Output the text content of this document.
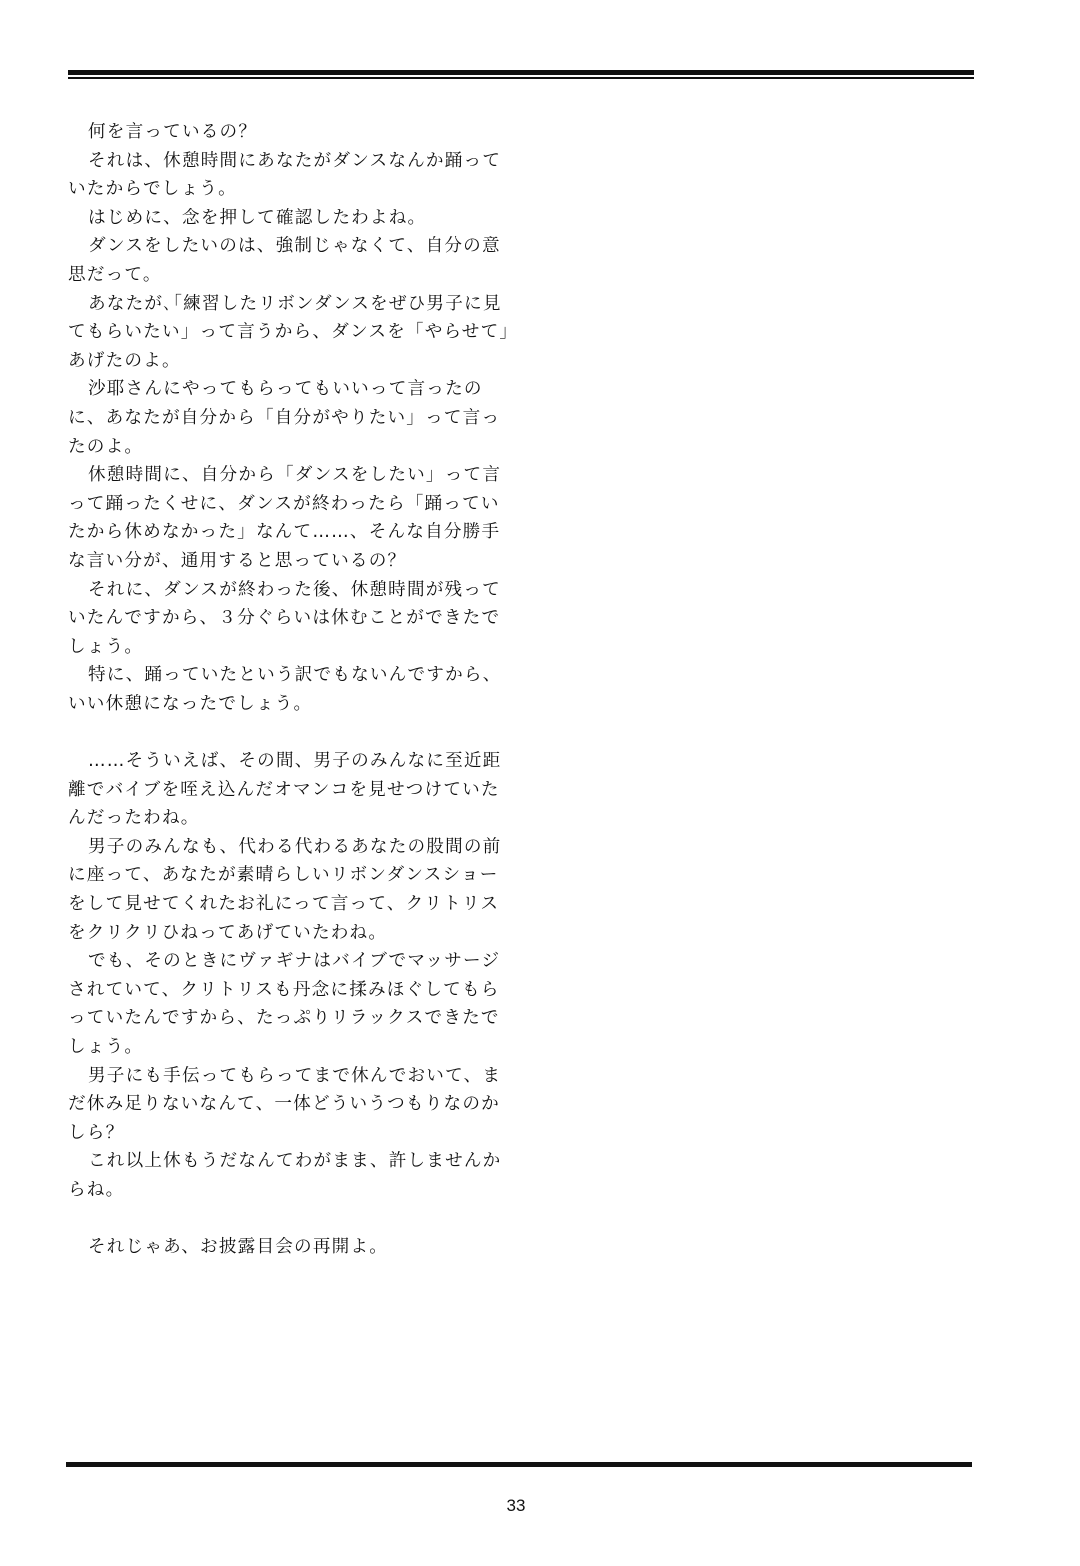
何を言っているの？
それは、休憩時間にあなたがダンスなんか踊って
いたからでしょう。
はじめに、念を押して確認したわよね。
ダンスをしたいのは、強制じゃなくて、自分の意
思だって。
あなたが､｢練習したリボンダンスをぜひ男子に見
てもらいたい」って言うから、ダンスを「やらせて」
あげたのよ。
沙耶さんにやってもらってもいいって言ったの
に、あなたが自分から「自分がやりたい」って言っ
たのよ。
休憩時間に、自分から「ダンスをしたい」って言
って踊ったくせに、ダンスが終わったら「踊ってい
たから休めなかった」なんて……、そんな自分勝手
な言い分が、通用すると思っているの？
それに、ダンスが終わった後、休憩時間が残って
いたんですから、３分ぐらいは休むことができたで
しょう。
特に、踊っていたという訳でもないんですから、
いい休憩になったでしょう。
……そういえば、その間、男子のみんなに至近距
離でバイブを咥え込んだオマンコを見せつけていた
んだったわね。
男子のみんなも、代わる代わるあなたの股間の前
に座って、あなたが素晴らしいリボンダンスショー
をして見せてくれたお礼にって言って、クリトリス
をクリクリひねってあげていたわね。
でも、そのときにヴァギナはバイブでマッサージ
されていて、クリトリスも丹念に揉みほぐしてもら
っていたんですから、たっぷりリラックスできたで
しょう。
男子にも手伝ってもらってまで休んでおいて、ま
だ休み足りないなんて、一体どういうつもりなのか
しら？
これ以上休もうだなんてわがまま、許しませんか
らね。
それじゃあ、お披露目会の再開よ。
33
